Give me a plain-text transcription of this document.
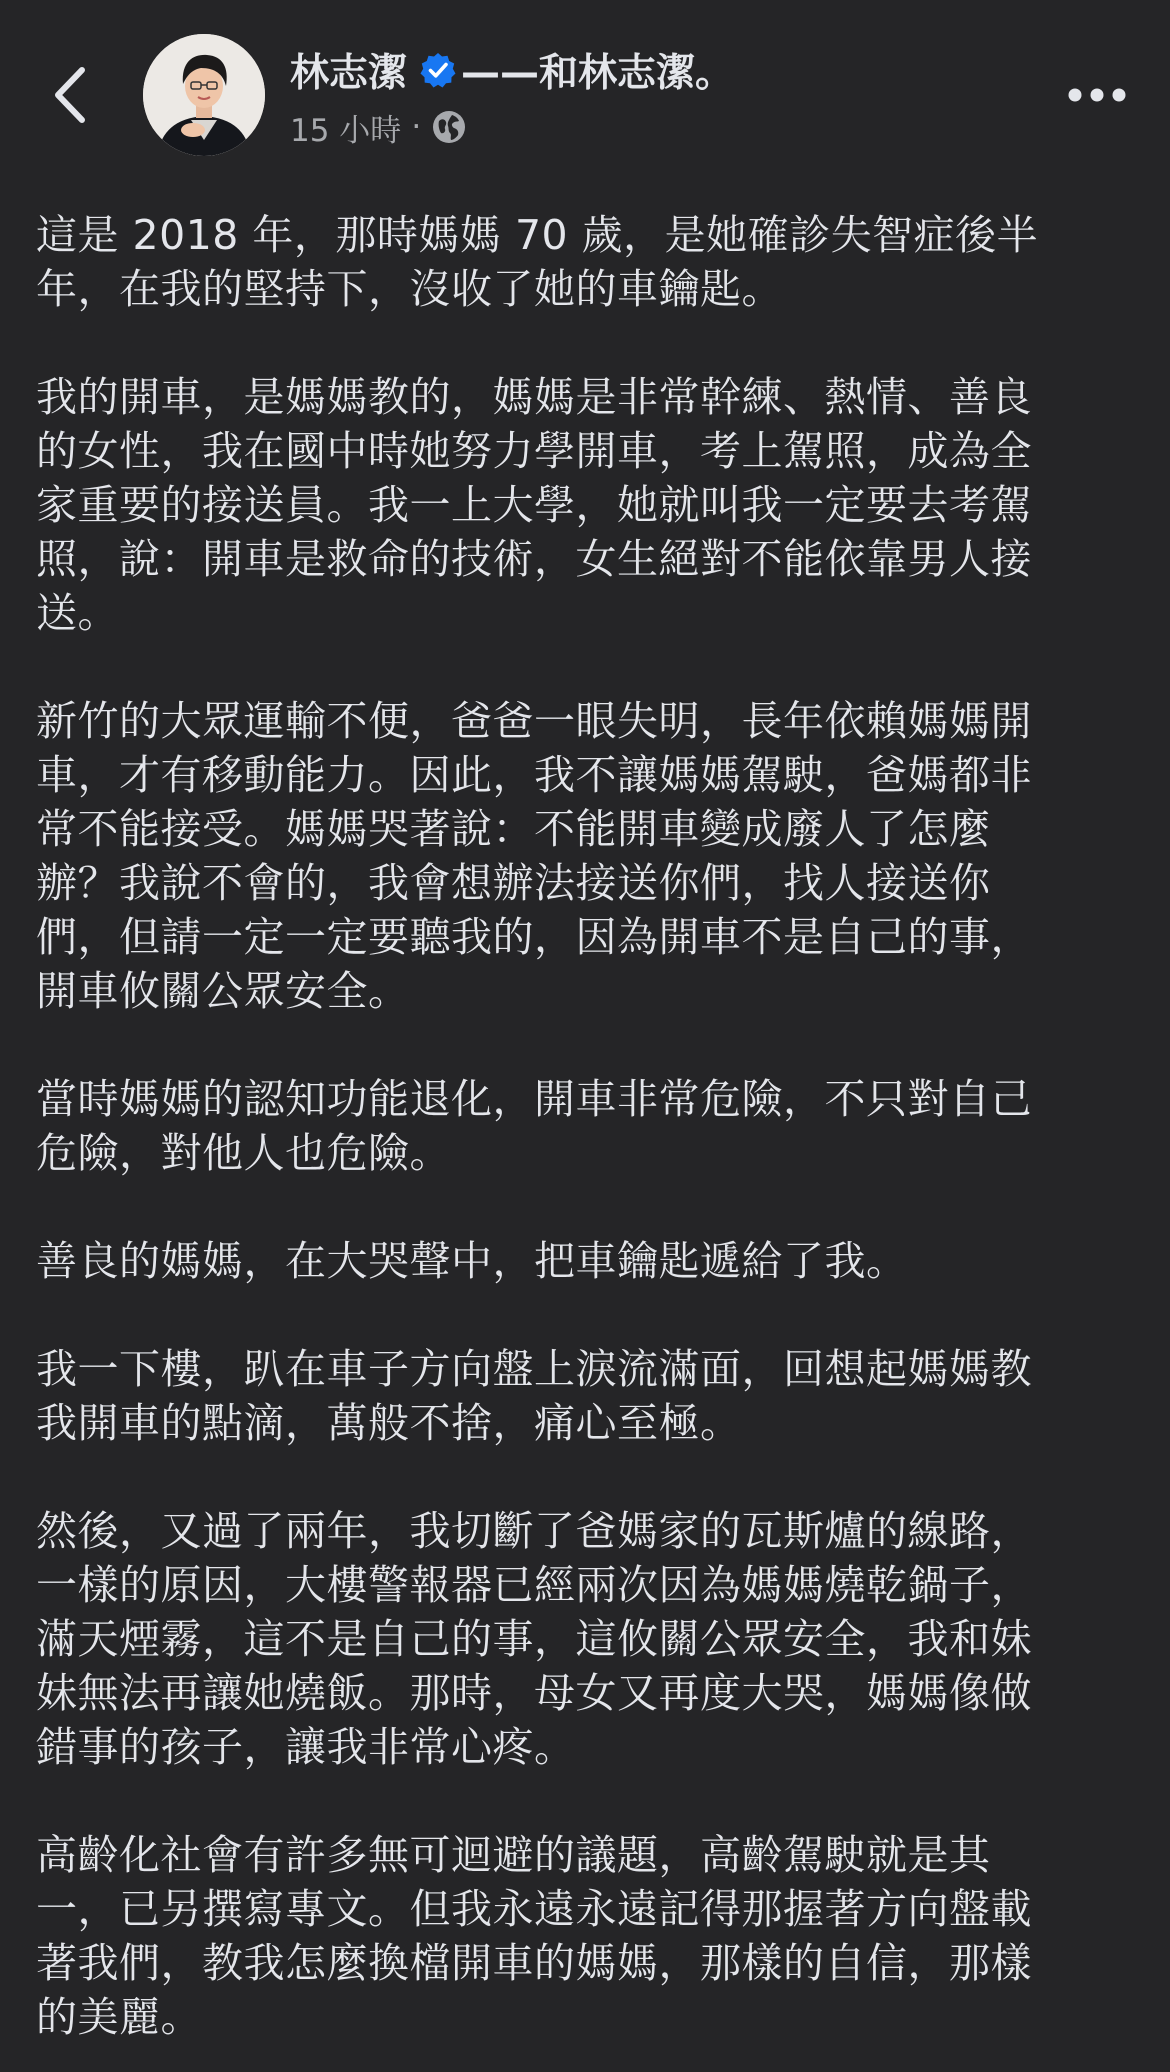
林志潔 ——和林志潔。
15 小時 ·
這是 2018 年，那時媽媽 70 歲，是她確診失智症後半
年，在我的堅持下，沒收了她的車鑰匙。
我的開車，是媽媽教的，媽媽是非常幹練、熱情、善良
的女性，我在國中時她努力學開車，考上駕照，成為全
家重要的接送員。我一上大學，她就叫我一定要去考駕
照，說：開車是救命的技術，女生絕對不能依靠男人接
送。
新竹的大眾運輸不便，爸爸一眼失明，長年依賴媽媽開
車，才有移動能力。因此，我不讓媽媽駕駛，爸媽都非
常不能接受。媽媽哭著說：不能開車變成廢人了怎麼
辦？我說不會的，我會想辦法接送你們，找人接送你
們，但請一定一定要聽我的，因為開車不是自己的事，
開車攸關公眾安全。
當時媽媽的認知功能退化，開車非常危險，不只對自己
危險，對他人也危險。
善良的媽媽，在大哭聲中，把車鑰匙遞給了我。
我一下樓，趴在車子方向盤上淚流滿面，回想起媽媽教
我開車的點滴，萬般不捨，痛心至極。
然後，又過了兩年，我切斷了爸媽家的瓦斯爐的線路，
一樣的原因，大樓警報器已經兩次因為媽媽燒乾鍋子，
滿天煙霧，這不是自己的事，這攸關公眾安全，我和妹
妹無法再讓她燒飯。那時，母女又再度大哭，媽媽像做
錯事的孩子，讓我非常心疼。
高齡化社會有許多無可迴避的議題，高齡駕駛就是其
一，已另撰寫專文。但我永遠永遠記得那握著方向盤載
著我們，教我怎麼換檔開車的媽媽，那樣的自信，那樣
的美麗。
